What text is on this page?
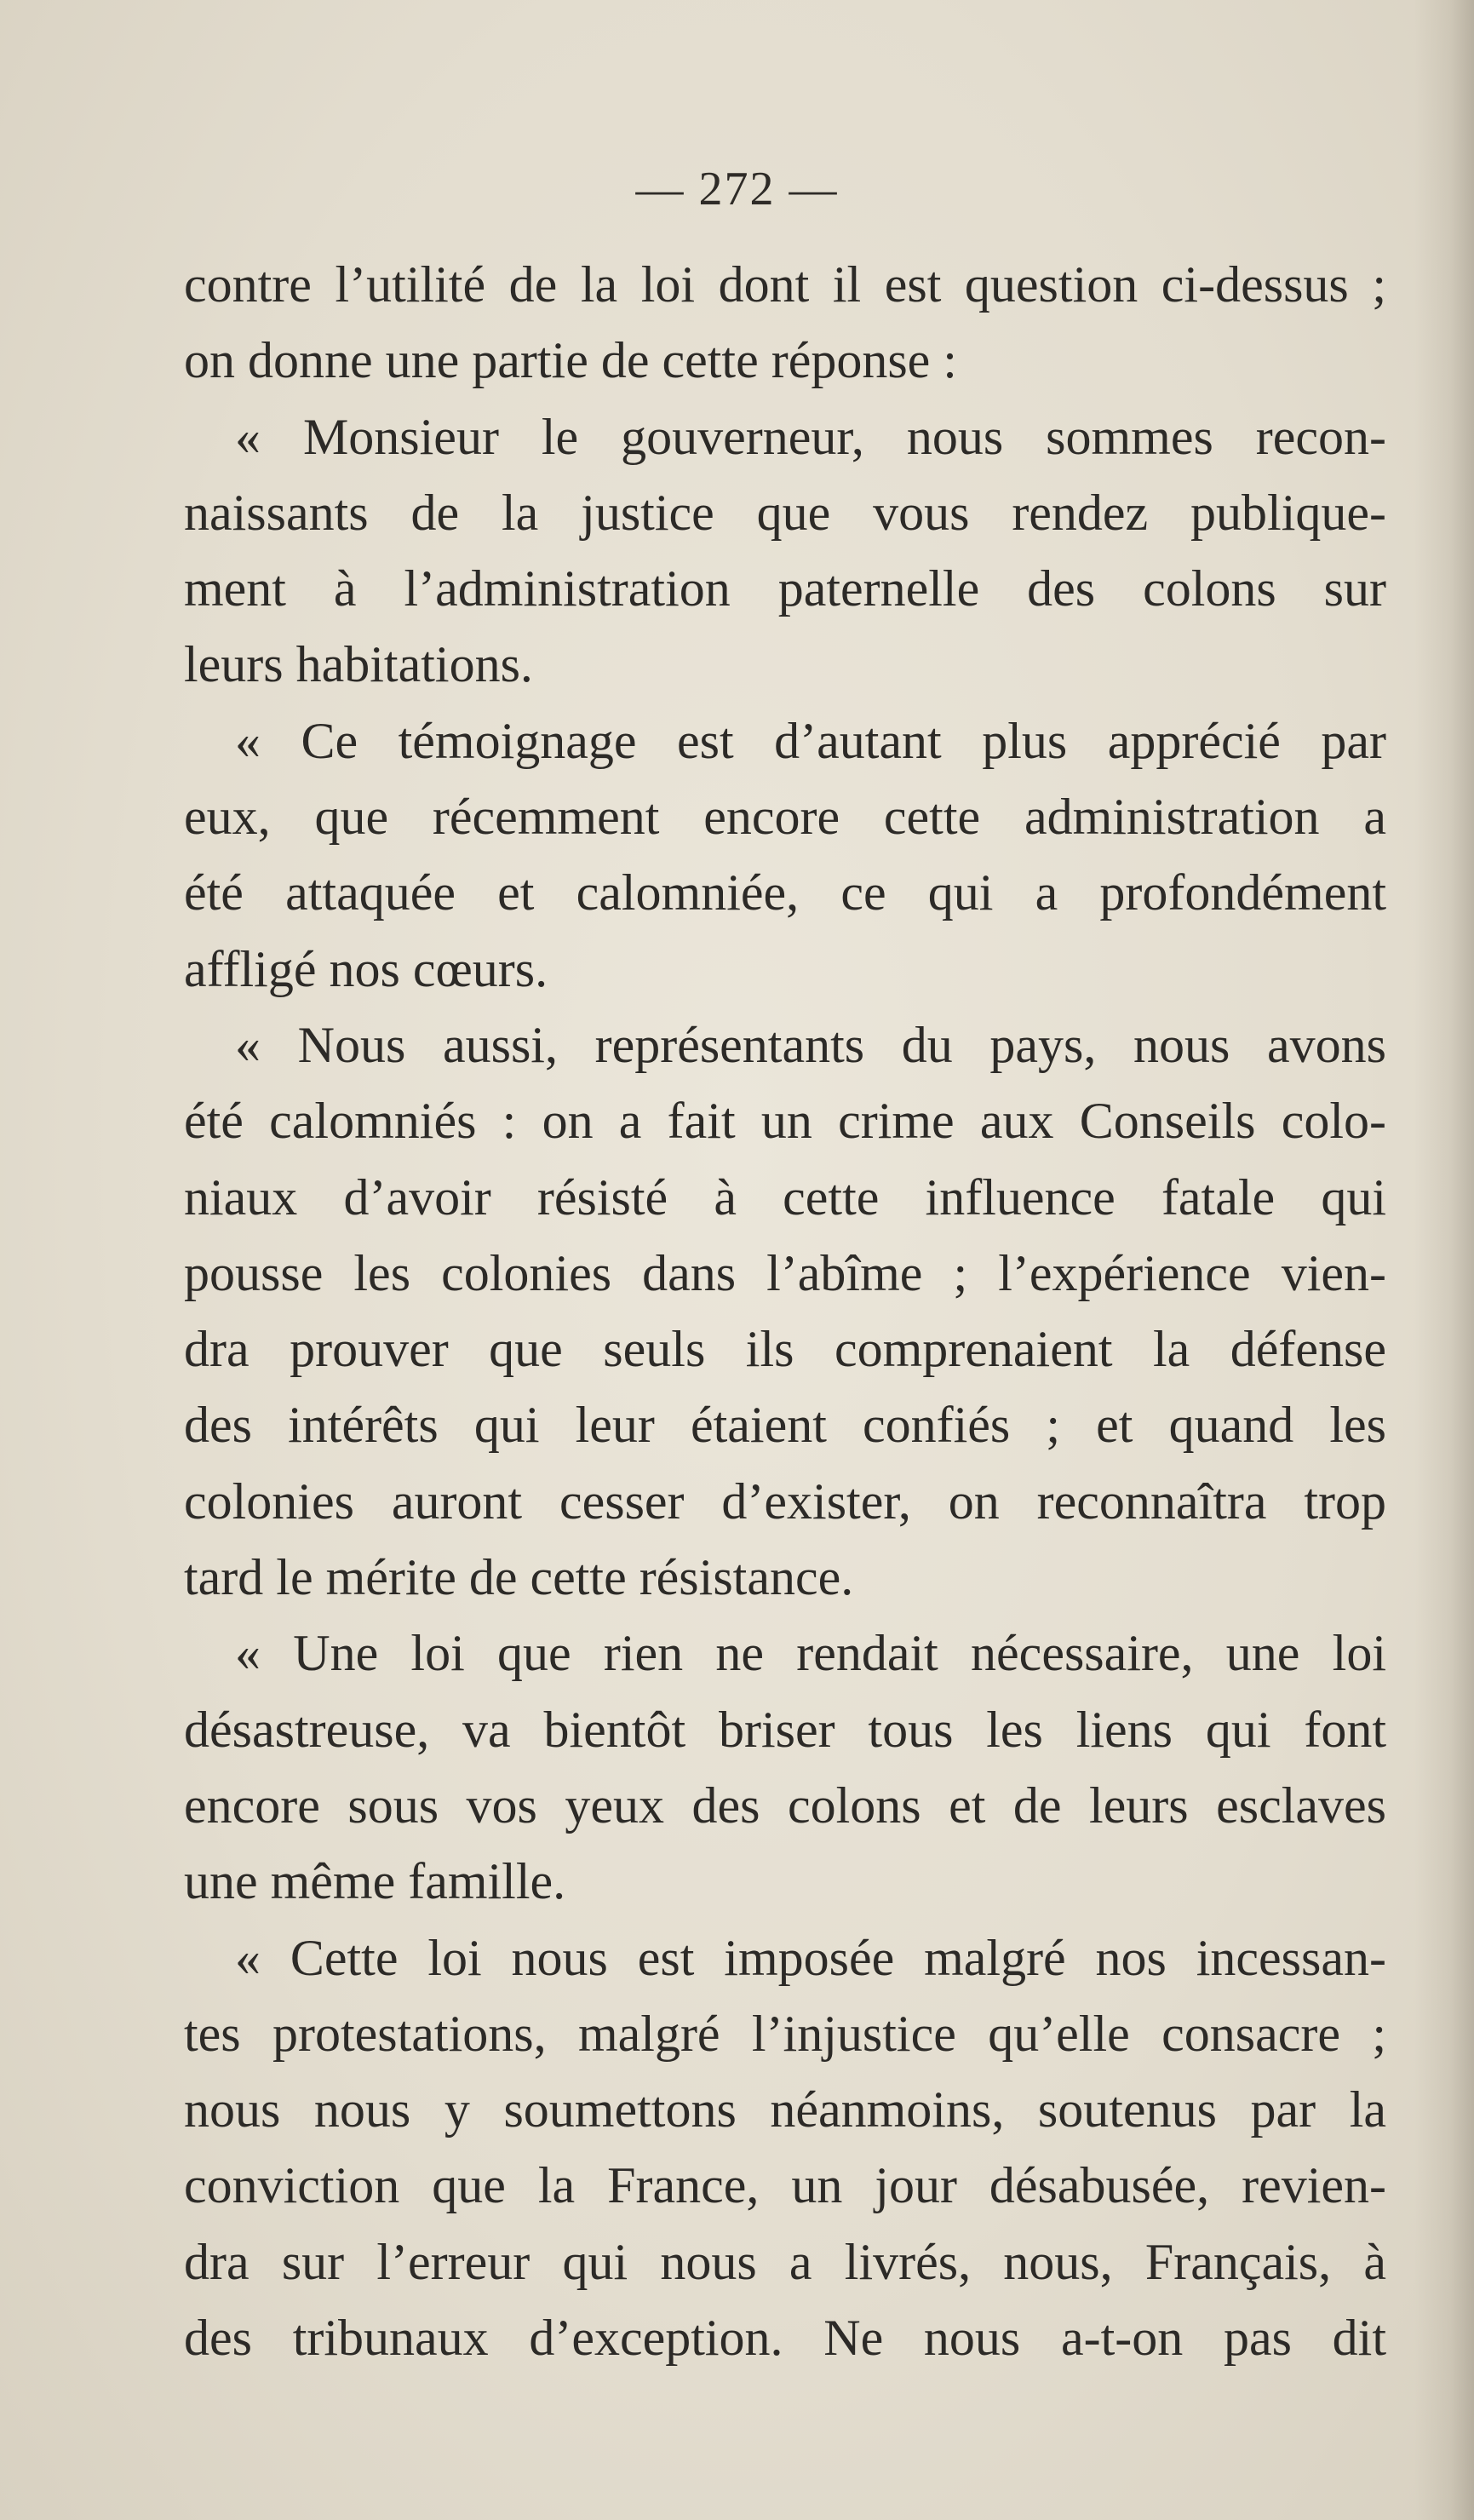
— 272 —
contre l’utilité de la loi dont il est question ci-dessus ;
on donne une partie de cette réponse :
« Monsieur le gouverneur, nous sommes recon-
naissants de la justice que vous rendez publique-
ment à l’administration paternelle des colons sur
leurs habitations.
« Ce témoignage est d’autant plus apprécié par
eux, que récemment encore cette administration a
été attaquée et calomniée, ce qui a profondément
affligé nos cœurs.
« Nous aussi, représentants du pays, nous avons
été calomniés : on a fait un crime aux Conseils colo-
niaux d’avoir résisté à cette influence fatale qui
pousse les colonies dans l’abîme ; l’expérience vien-
dra prouver que seuls ils comprenaient la défense
des intérêts qui leur étaient confiés ; et quand les
colonies auront cesser d’exister, on reconnaîtra trop
tard le mérite de cette résistance.
« Une loi que rien ne rendait nécessaire, une loi
désastreuse, va bientôt briser tous les liens qui font
encore sous vos yeux des colons et de leurs esclaves
une même famille.
« Cette loi nous est imposée malgré nos incessan-
tes protestations, malgré l’injustice qu’elle consacre ;
nous nous y soumettons néanmoins, soutenus par la
conviction que la France, un jour désabusée, revien-
dra sur l’erreur qui nous a livrés, nous, Français, à
des tribunaux d’exception. Ne nous a-t-on pas dit
